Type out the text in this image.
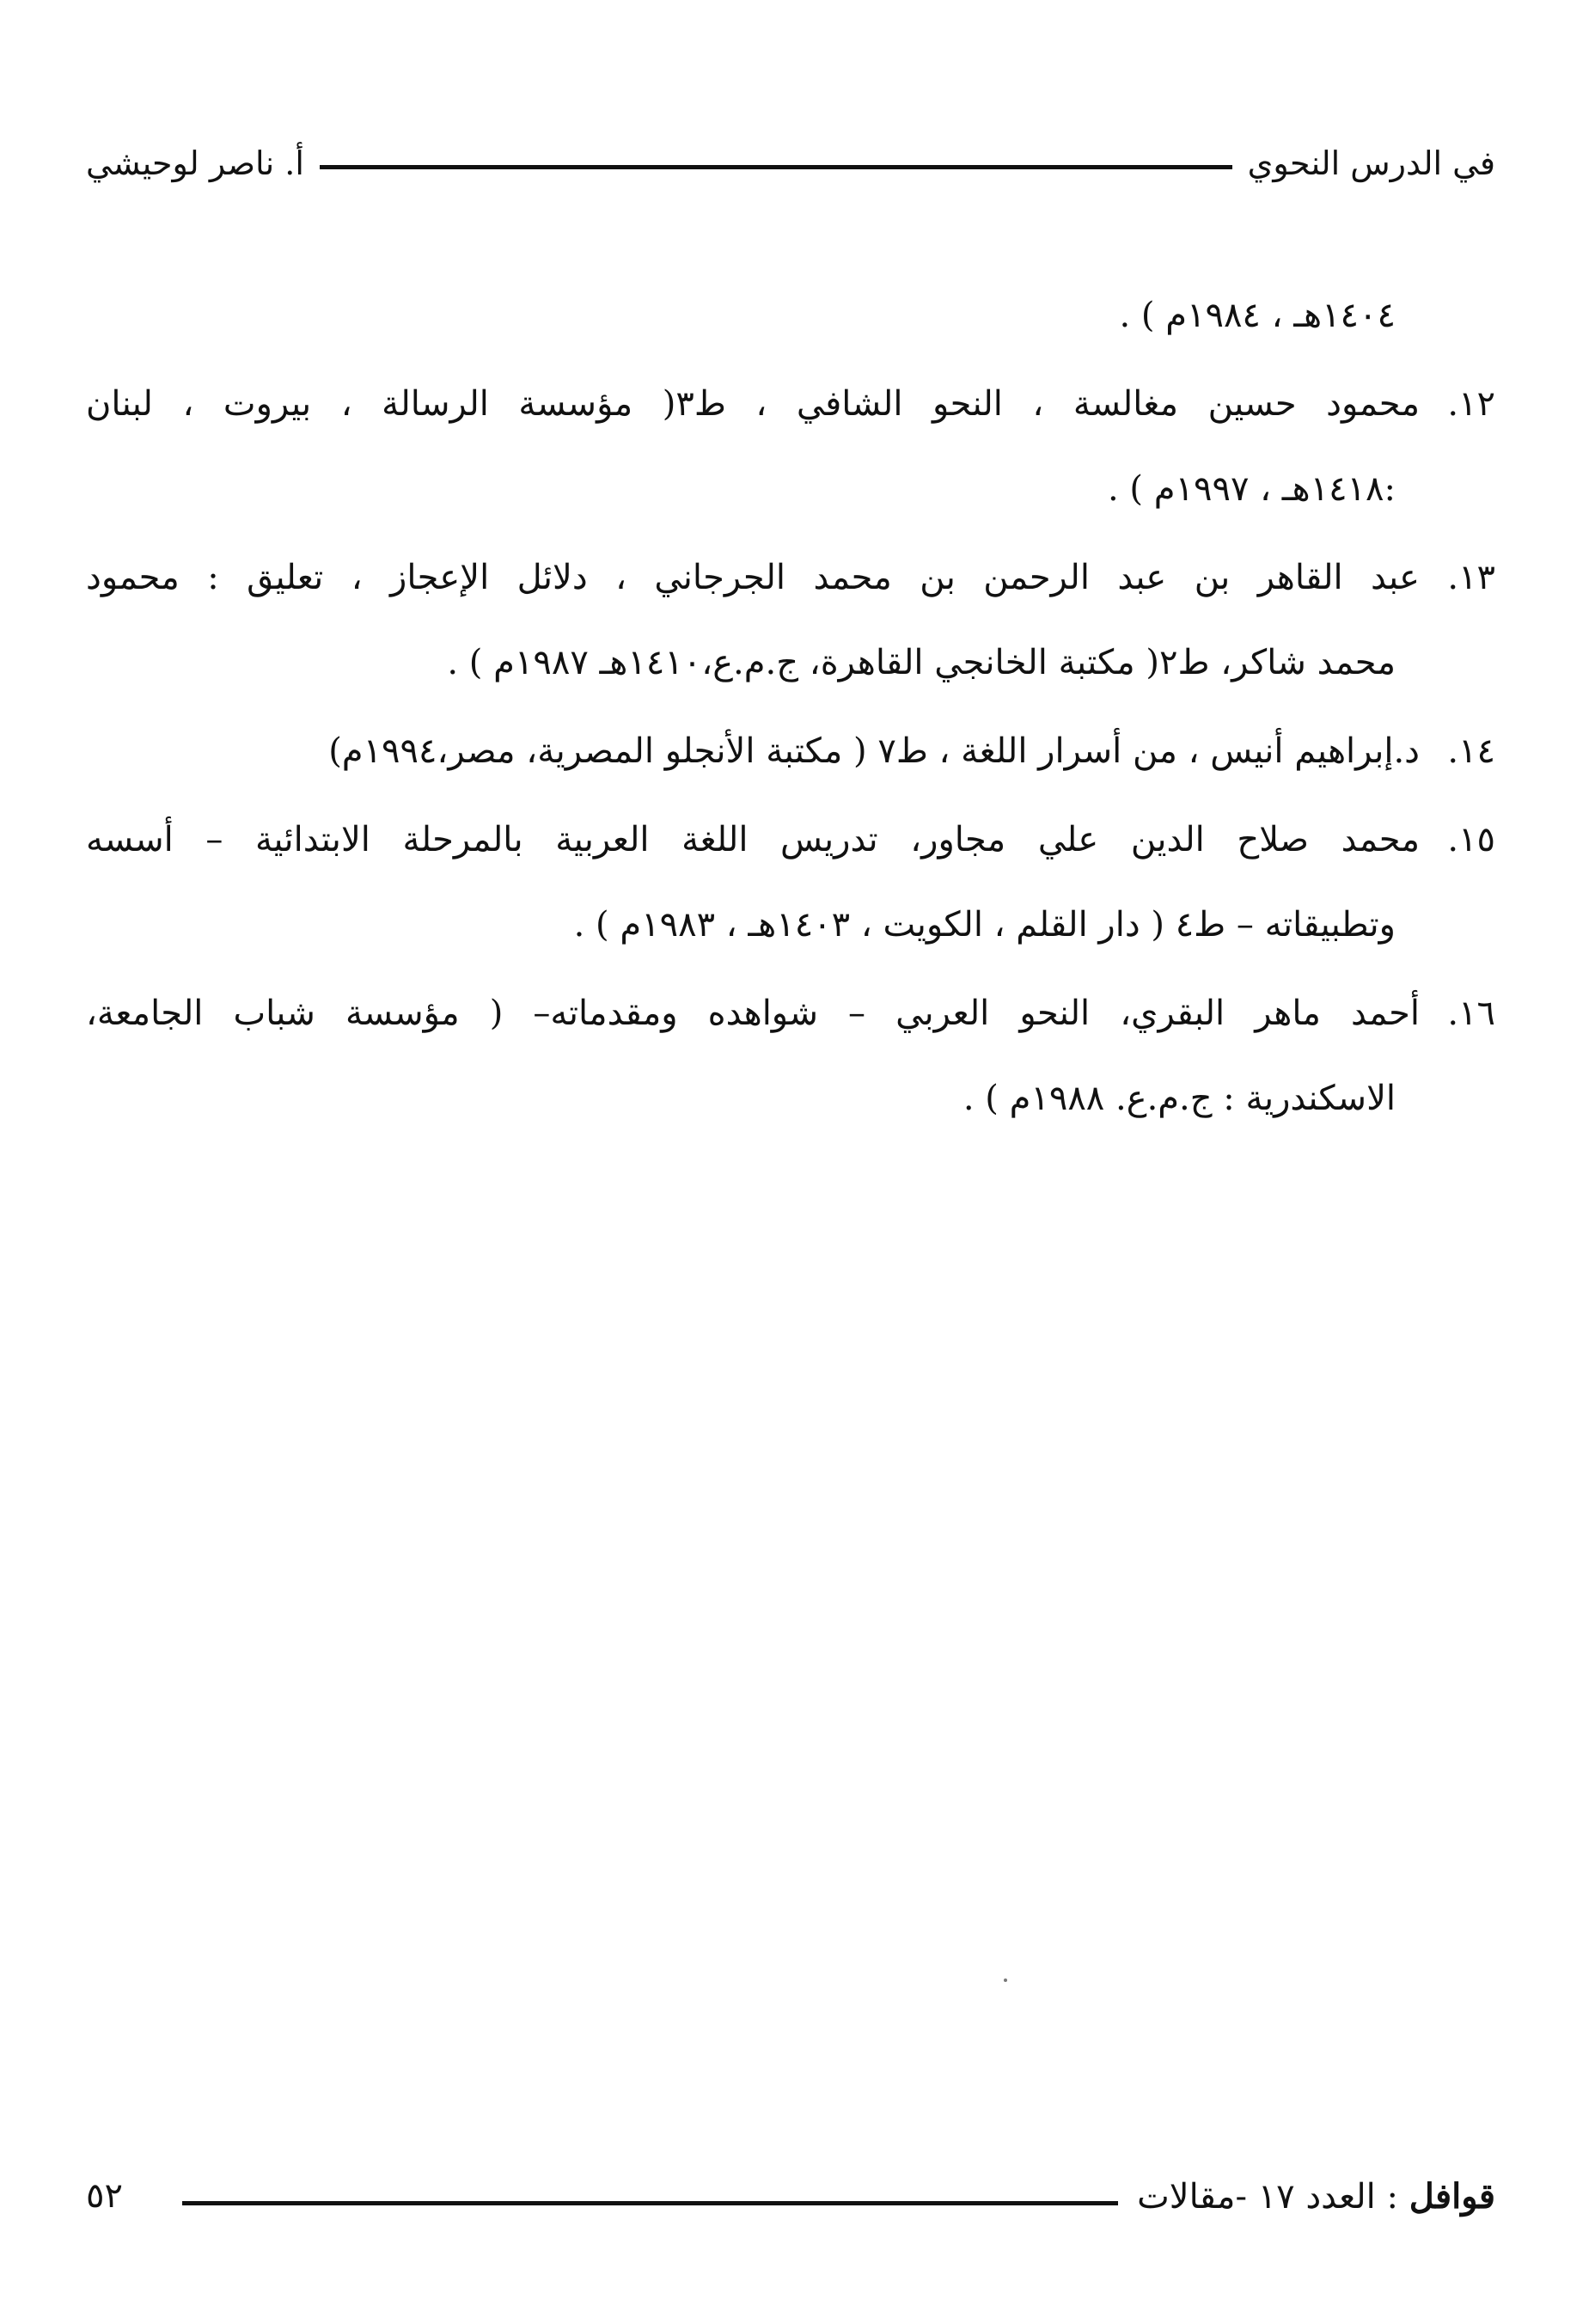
في الدرس النحوي
أ. ناصر لوحيشي
١٤٠٤هـ ، ١٩٨٤م ) .
١٢.
محمود حسين مغالسة ، النحو الشافي ، ط٣( مؤسسة الرسالة ، بيروت ، لبنان
:١٤١٨هـ ، ١٩٩٧م ) .
١٣.
عبد القاهر بن عبد الرحمن بن محمد الجرجاني ، دلائل الإعجاز ، تعليق : محمود
محمد شاكر، ط٢( مكتبة الخانجي القاهرة، ج.م.ع،١٤١٠هـ ١٩٨٧م ) .
١٤.
د.إبراهيم أنيس ، من أسرار اللغة ، ط٧ ( مكتبة الأنجلو المصرية، مصر،١٩٩٤م)
١٥.
محمد صلاح الدين علي مجاور، تدريس اللغة العربية بالمرحلة الابتدائية – أسسه
وتطبيقاته – ط٤ ( دار القلم ، الكويت ، ١٤٠٣هـ ، ١٩٨٣م ) .
١٦.
أحمد ماهر البقري، النحو العربي – شواهده ومقدماته– ( مؤسسة شباب الجامعة،
الاسكندرية : ج.م.ع. ١٩٨٨م ) .
قوافل : العدد ١٧ -مقالات
٥٢
